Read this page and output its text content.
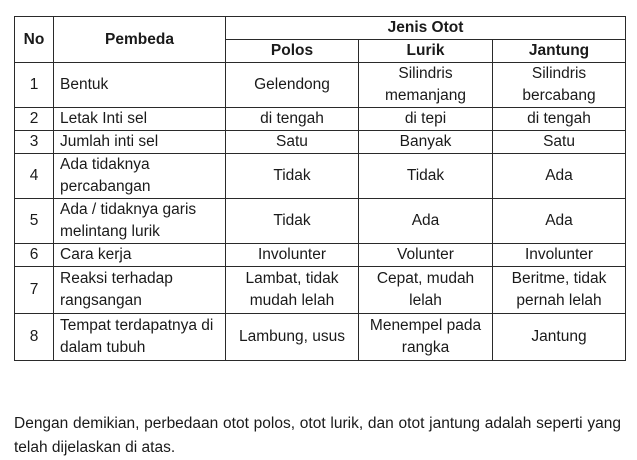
No	Pembeda	Jenis Otot		
		Polos	Lurik	Jantung
1	Bentuk	Gelendong	Silindris memanjang	Silindris bercabang
2	Letak Inti sel	di tengah	di tepi	di tengah
3	Jumlah inti sel	Satu	Banyak	Satu
4	Ada tidaknya percabangan	Tidak	Tidak	Ada
5	Ada / tidaknya garis melintang lurik	Tidak	Ada	Ada
6	Cara kerja	Involunter	Volunter	Involunter
7	Reaksi terhadap rangsangan	Lambat, tidak mudah lelah	Cepat, mudah lelah	Beritme, tidak pernah lelah
8	Tempat terdapatnya di dalam tubuh	Lambung, usus	Menempel pada rangka	Jantung

Dengan demikian, perbedaan otot polos, otot lurik, dan otot jantung adalah seperti yang telah dijelaskan di atas.
